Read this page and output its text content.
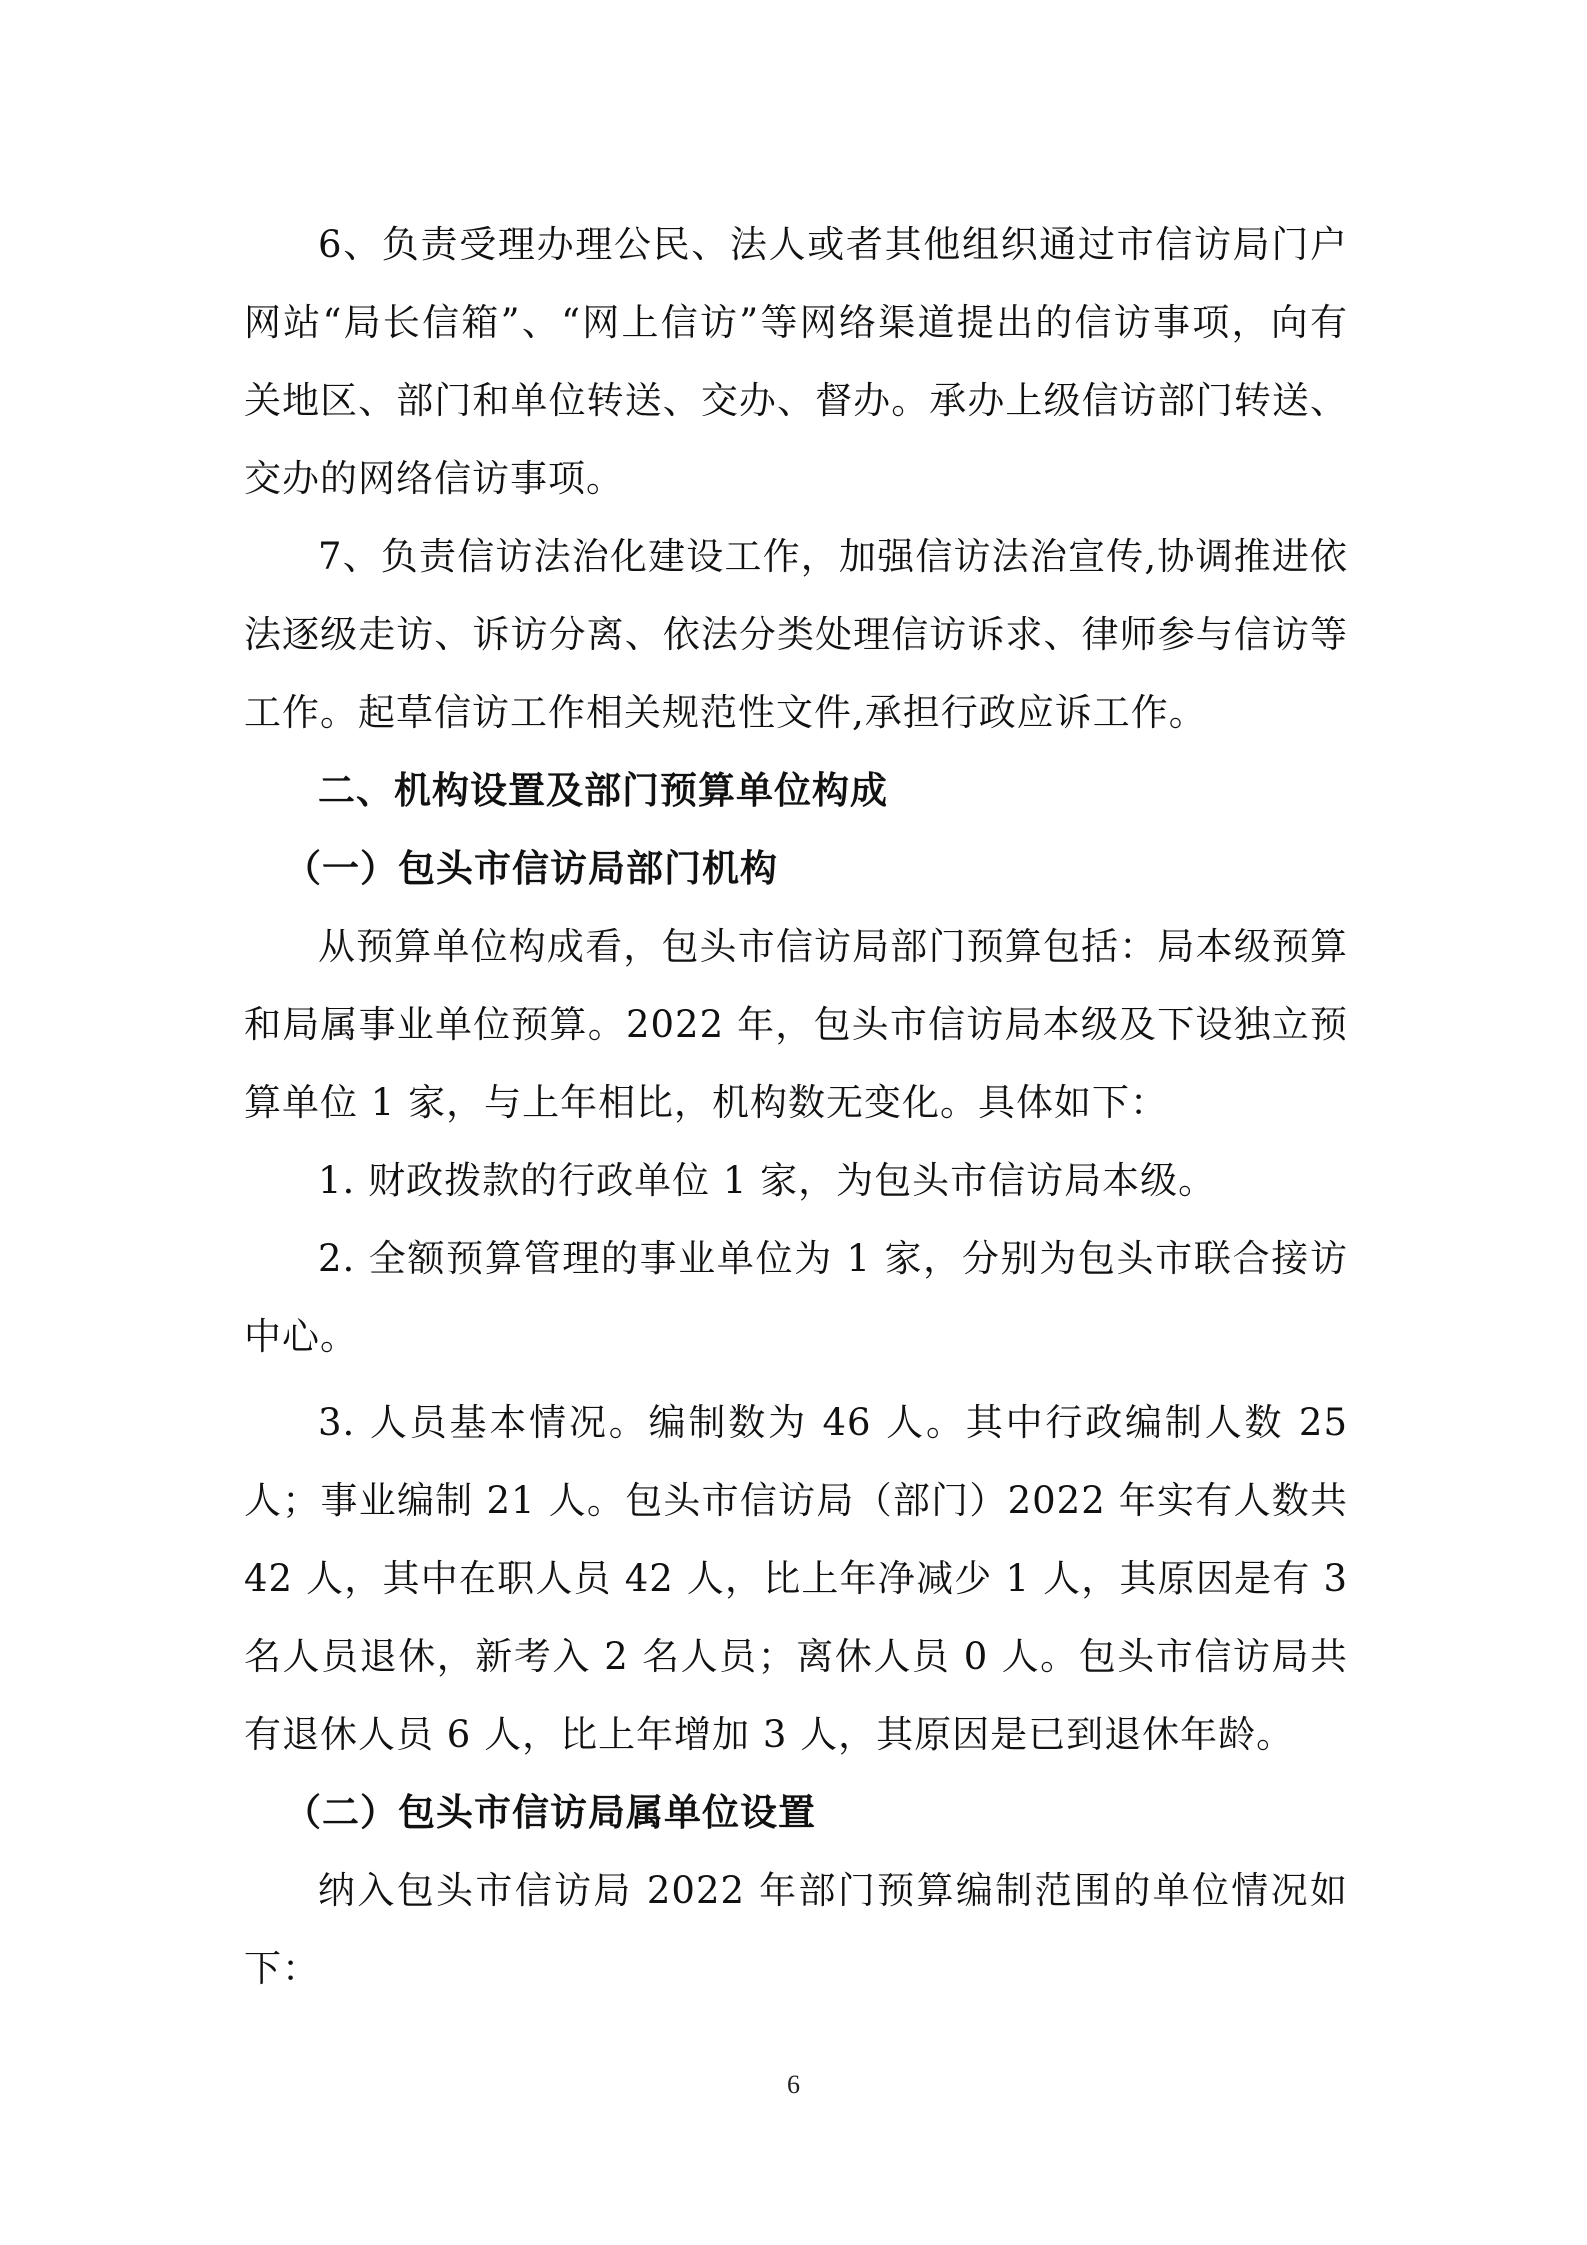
6、负责受理办理公民、法人或者其他组织通过市信访局门户网站“局长信箱”、“网上信访”等网络渠道提出的信访事项，向有关地区、部门和单位转送、交办、督办。承办上级信访部门转送、交办的网络信访事项。

7、负责信访法治化建设工作，加强信访法治宣传,协调推进依法逐级走访、诉访分离、依法分类处理信访诉求、律师参与信访等工作。起草信访工作相关规范性文件,承担行政应诉工作。

二、机构设置及部门预算单位构成

（一）包头市信访局部门机构

从预算单位构成看，包头市信访局部门预算包括：局本级预算和局属事业单位预算。2022 年，包头市信访局本级及下设独立预算单位 1 家，与上年相比，机构数无变化。具体如下：

1. 财政拨款的行政单位 1 家，为包头市信访局本级。

2. 全额预算管理的事业单位为 1 家，分别为包头市联合接访中心。

3. 人员基本情况。编制数为 46 人。其中行政编制人数 25 人；事业编制 21 人。包头市信访局（部门）2022 年实有人数共 42 人，其中在职人员 42 人，比上年净减少 1 人，其原因是有 3 名人员退休，新考入 2 名人员；离休人员 0 人。包头市信访局共有退休人员 6 人，比上年增加 3 人，其原因是已到退休年龄。

（二）包头市信访局属单位设置

纳入包头市信访局 2022 年部门预算编制范围的单位情况如下：

6
